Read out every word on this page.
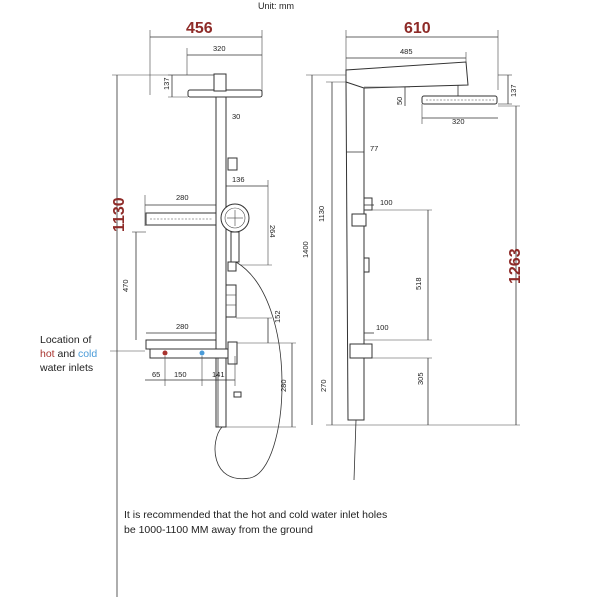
Unit: mm
456
320
137
30
1130
136
280
264
470
280
152
65 150	141
280
Location of
hot and cold
water inlets
610
485
50
320
137
77
1130
1400
100
518
100
270
305
1263
It is recommended that the hot and cold water inlet holes
be 1000-1100 MM away from the ground
